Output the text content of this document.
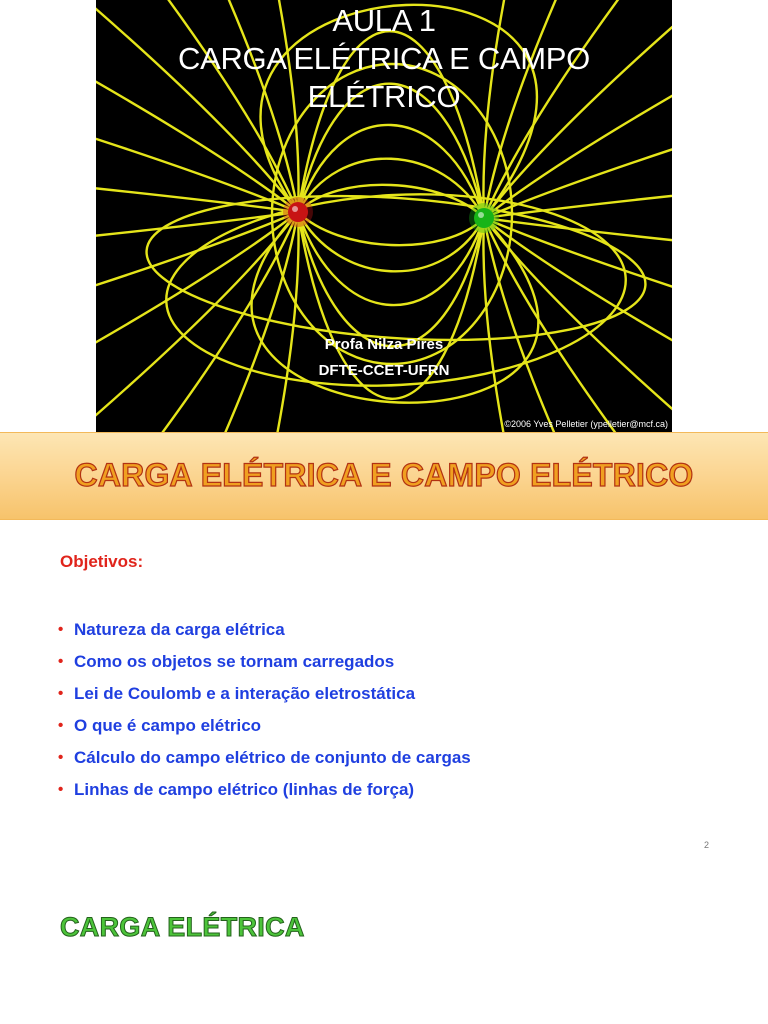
AULA 1
CARGA ELÉTRICA E CAMPO
ELÉTRICO
Profa Nilza Pires
DFTE-CCET-UFRN
©2006 Yves Pelletier (ypelletier@mcf.ca)
CARGA ELÉTRICA E CAMPO ELÉTRICO
Objetivos:
• Natureza da carga elétrica
• Como os objetos se tornam carregados
• Lei de Coulomb e a interação eletrostática
• O que é campo elétrico
• Cálculo do campo elétrico de conjunto de cargas
• Linhas de campo elétrico (linhas de força)
2
CARGA ELÉTRICA
